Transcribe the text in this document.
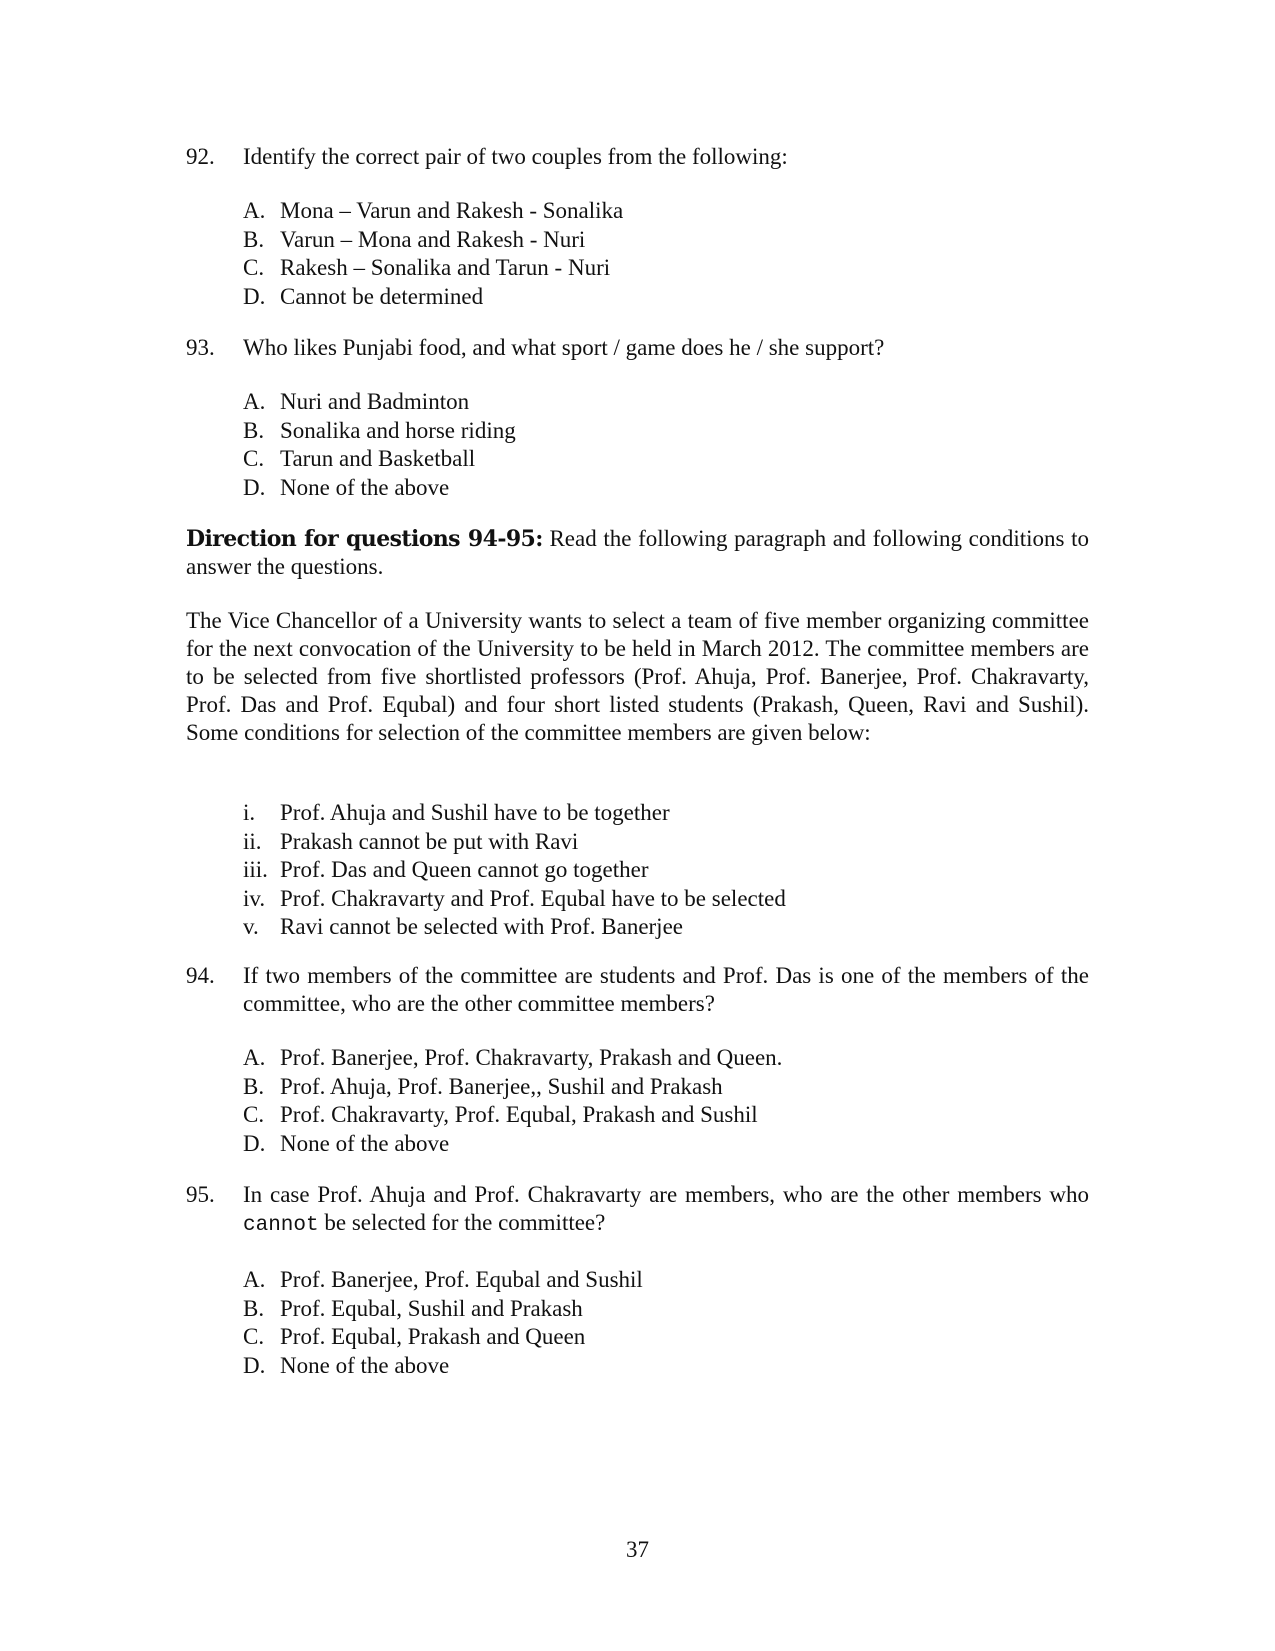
92. Identify the correct pair of two couples from the following:
A. Mona – Varun and Rakesh - Sonalika
B. Varun – Mona and Rakesh - Nuri
C. Rakesh – Sonalika and Tarun - Nuri
D. Cannot be determined
93. Who likes Punjabi food, and what sport / game does he / she support?
A. Nuri and Badminton
B. Sonalika and horse riding
C. Tarun and Basketball
D. None of the above
Direction for questions 94-95: Read the following paragraph and following conditions to answer the questions.
The Vice Chancellor of a University wants to select a team of five member organizing committee for the next convocation of the University to be held in March 2012. The committee members are to be selected from five shortlisted professors (Prof. Ahuja, Prof. Banerjee, Prof. Chakravarty, Prof. Das and Prof. Equbal) and four short listed students (Prakash, Queen, Ravi and Sushil). Some conditions for selection of the committee members are given below:
i. Prof. Ahuja and Sushil have to be together
ii. Prakash cannot be put with Ravi
iii. Prof. Das and Queen cannot go together
iv. Prof. Chakravarty and Prof. Equbal have to be selected
v. Ravi cannot be selected with Prof. Banerjee
94. If two members of the committee are students and Prof. Das is one of the members of the committee, who are the other committee members?
A. Prof. Banerjee, Prof. Chakravarty, Prakash and Queen.
B. Prof. Ahuja, Prof. Banerjee,, Sushil and Prakash
C. Prof. Chakravarty, Prof. Equbal, Prakash and Sushil
D. None of the above
95. In case Prof. Ahuja and Prof. Chakravarty are members, who are the other members who cannot be selected for the committee?
A. Prof. Banerjee, Prof. Equbal and Sushil
B. Prof. Equbal, Sushil and Prakash
C. Prof. Equbal, Prakash and Queen
D. None of the above
37
